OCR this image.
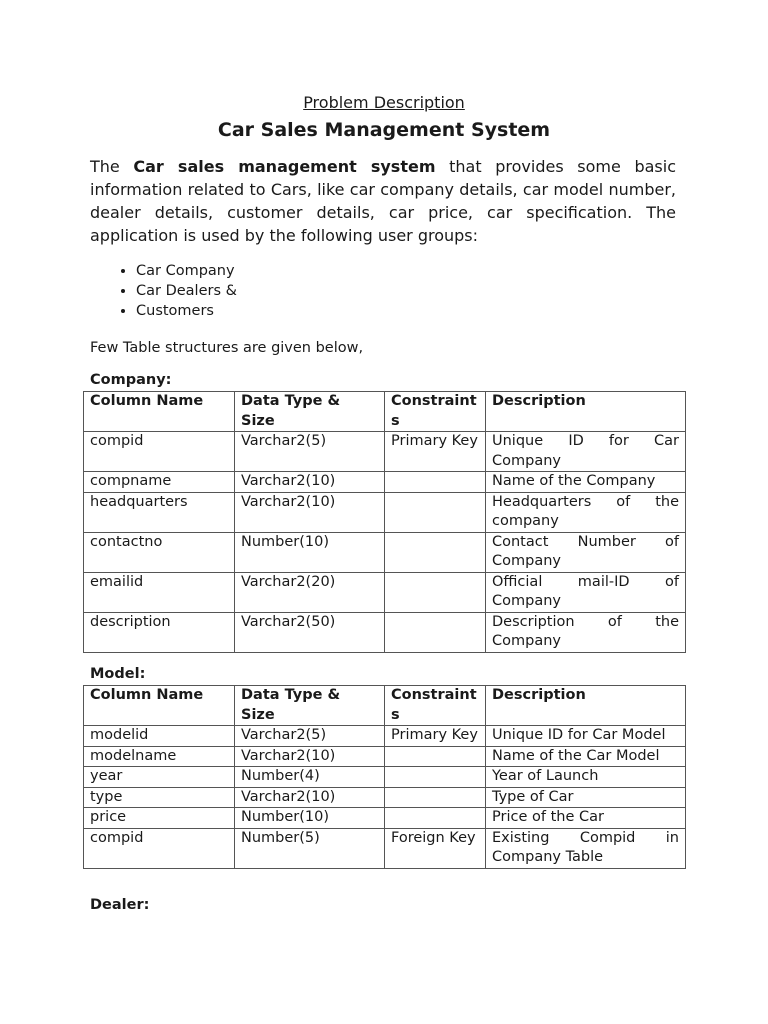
Problem Description
Car Sales Management System

The Car sales management system that provides some basic information related to Cars, like car company details, car model number, dealer details, customer details, car price, car specification. The application is used by the following user groups:

• Car Company
• Car Dealers &
• Customers

Few Table structures are given below,

Company:

Column Name	Data Type & Size	Constraints	Description
compid	Varchar2(5)	Primary Key	Unique ID for Car Company
compname	Varchar2(10)		Name of the Company
headquarters	Varchar2(10)		Headquarters of the company
contactno	Number(10)		Contact Number of Company
emailid	Varchar2(20)		Official mail-ID of Company
description	Varchar2(50)		Description of the Company

Model:

Column Name	Data Type & Size	Constraints	Description
modelid	Varchar2(5)	Primary Key	Unique ID for Car Model
modelname	Varchar2(10)		Name of the Car Model
year	Number(4)		Year of Launch
type	Varchar2(10)		Type of Car
price	Number(10)		Price of the Car
compid	Number(5)	Foreign Key	Existing Compid in Company Table

Dealer:
